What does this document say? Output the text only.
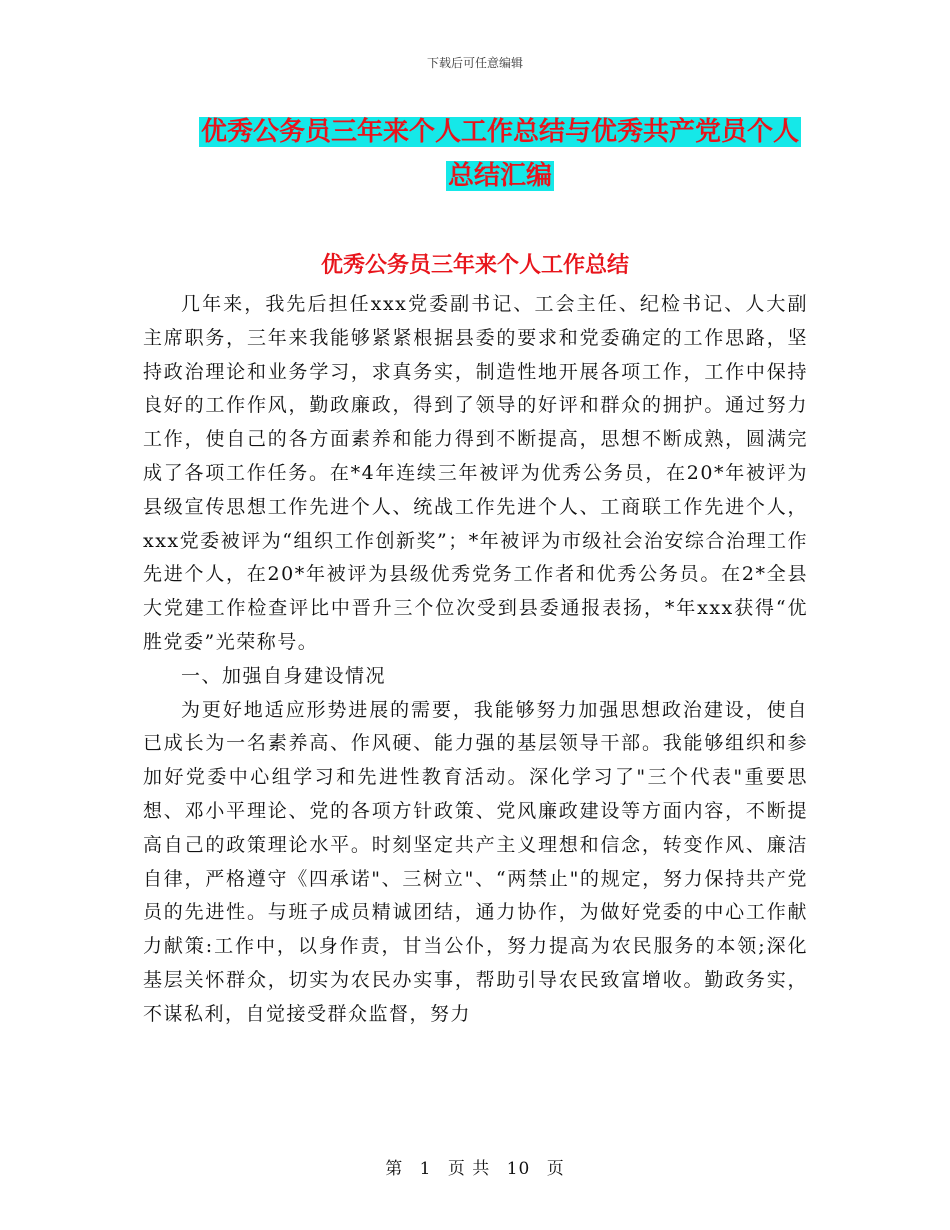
下载后可任意编辑
优秀公务员三年来个人工作总结与优秀共产党员个人
总结汇编
优秀公务员三年来个人工作总结

几年来，我先后担任xxx党委副书记、工会主任、纪检书记、人大副主席职务，三年来我能够紧紧根据县委的要求和党委确定的工作思路，坚持政治理论和业务学习，求真务实，制造性地开展各项工作，工作中保持良好的工作作风，勤政廉政，得到了领导的好评和群众的拥护。通过努力工作，使自己的各方面素养和能力得到不断提高，思想不断成熟，圆满完成了各项工作任务。在*4年连续三年被评为优秀公务员，在20*年被评为县级宣传思想工作先进个人、统战工作先进个人、工商联工作先进个人，xxx党委被评为“组织工作创新奖”；*年被评为市级社会治安综合治理工作先进个人，在20*年被评为县级优秀党务工作者和优秀公务员。在2*全县大党建工作检查评比中晋升三个位次受到县委通报表扬，*年xxx获得“优胜党委”光荣称号。

一、加强自身建设情况

为更好地适应形势进展的需要，我能够努力加强思想政治建设，使自已成长为一名素养高、作风硬、能力强的基层领导干部。我能够组织和参加好党委中心组学习和先进性教育活动。深化学习了"三个代表"重要思想、邓小平理论、党的各项方针政策、党风廉政建设等方面内容，不断提高自己的政策理论水平。时刻坚定共产主义理想和信念，转变作风、廉洁自律，严格遵守《四承诺"、三树立"、“两禁止"的规定，努力保持共产党员的先进性。与班子成员精诚团结，通力协作，为做好党委的中心工作献力献策:工作中，以身作责，甘当公仆，努力提高为农民服务的本领;深化基层关怀群众，切实为农民办实事，帮助引导农民致富增收。勤政务实，不谋私利，自觉接受群众监督，努力

第 1 页 共 10 页
